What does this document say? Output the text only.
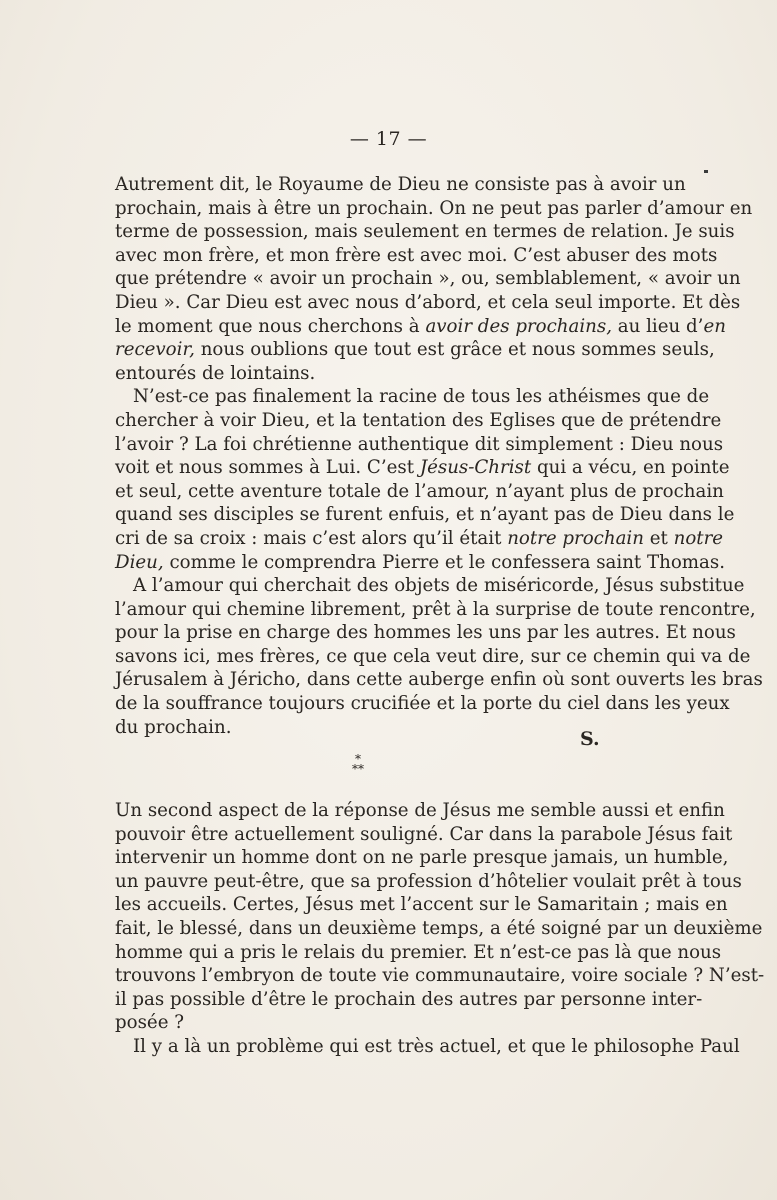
— 17 —
Autrement dit, le Royaume de Dieu ne consiste pas à avoir un
prochain, mais à être un prochain. On ne peut pas parler d’amour en
terme de possession, mais seulement en termes de relation. Je suis
avec mon frère, et mon frère est avec moi. C’est abuser des mots
que prétendre « avoir un prochain », ou, semblablement, « avoir un
Dieu ». Car Dieu est avec nous d’abord, et cela seul importe. Et dès
le moment que nous cherchons à avoir des prochains, au lieu d’en
recevoir, nous oublions que tout est grâce et nous sommes seuls,
entourés de lointains.
N’est-ce pas finalement la racine de tous les athéismes que de
chercher à voir Dieu, et la tentation des Eglises que de prétendre
l’avoir ? La foi chrétienne authentique dit simplement : Dieu nous
voit et nous sommes à Lui. C’est Jésus-Christ qui a vécu, en pointe
et seul, cette aventure totale de l’amour, n’ayant plus de prochain
quand ses disciples se furent enfuis, et n’ayant pas de Dieu dans le
cri de sa croix : mais c’est alors qu’il était notre prochain et notre
Dieu, comme le comprendra Pierre et le confessera saint Thomas.
A l’amour qui cherchait des objets de miséricorde, Jésus substitue
l’amour qui chemine librement, prêt à la surprise de toute rencontre,
pour la prise en charge des hommes les uns par les autres. Et nous
savons ici, mes frères, ce que cela veut dire, sur ce chemin qui va de
Jérusalem à Jéricho, dans cette auberge enfin où sont ouverts les bras
de la souffrance toujours crucifiée et la porte du ciel dans les yeux
du prochain.
S.
*
**
Un second aspect de la réponse de Jésus me semble aussi et enfin
pouvoir être actuellement souligné. Car dans la parabole Jésus fait
intervenir un homme dont on ne parle presque jamais, un humble,
un pauvre peut-être, que sa profession d’hôtelier voulait prêt à tous
les accueils. Certes, Jésus met l’accent sur le Samaritain ; mais en
fait, le blessé, dans un deuxième temps, a été soigné par un deuxième
homme qui a pris le relais du premier. Et n’est-ce pas là que nous
trouvons l’embryon de toute vie communautaire, voire sociale ? N’est-
il pas possible d’être le prochain des autres par personne inter-
posée ?
Il y a là un problème qui est très actuel, et que le philosophe Paul
